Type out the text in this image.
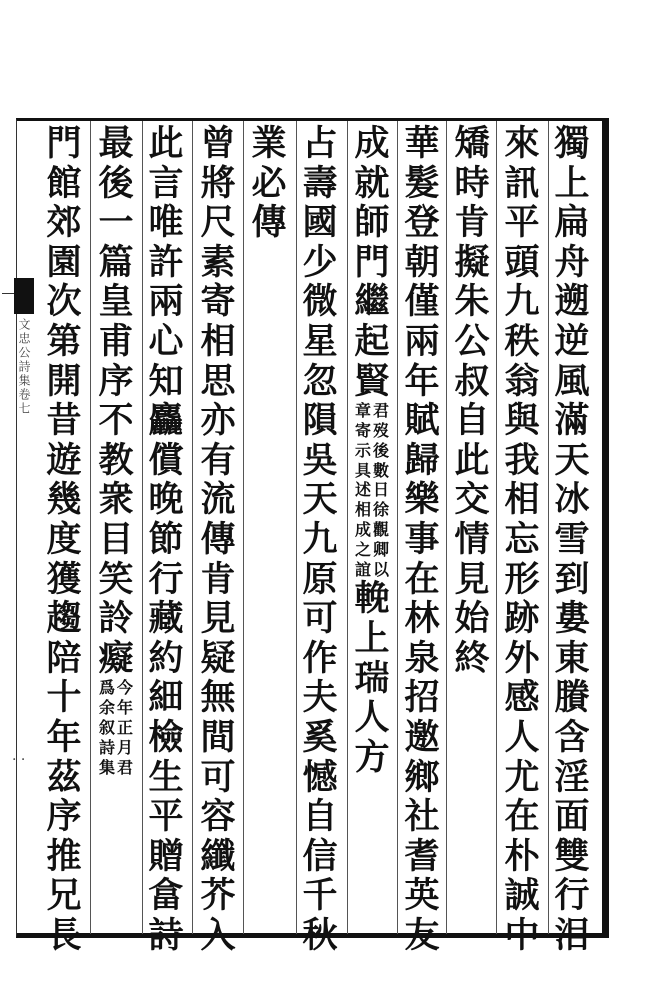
文忠公詩集卷七
· ·
獨
上
扁
舟
遡
逆
風
滿
天
冰
雪
到
婁
東
賸
含
淫
面
雙
行
泪
來
訊
平
頭
九
秩
翁
與
我
相
忘
形
跡
外
感
人
尤
在
朴
誠
中
矯
時
肯
擬
朱
公
叔
自
此
交
情
見
始
終
華
髮
登
朝
僅
兩
年
賦
歸
樂
事
在
林
泉
招
邀
鄉
社
耆
英
友
成
就
師
門
繼
起
賢
君
歿
後
數
日
徐
觀
卿
以
章
寄
示
具
述
相
成
之
誼
輓
上
瑞
人
方
占
壽
國
少
微
星
忽
隕
吳
天
九
原
可
作
夫
奚
憾
自
信
千
秋
業
必
傳
曾
將
尺
素
寄
相
思
亦
有
流
傳
肯
見
疑
無
間
可
容
纖
芥
入
此
言
唯
許
兩
心
知
麤
償
晚
節
行
藏
約
細
檢
生
平
贈
畣
詩
最
後
一
篇
皇
甫
序
不
教
衆
目
笑
詅
癡
今
年
正
月
君
爲
余
叙
詩
集
門
館
郊
園
次
第
開
昔
遊
幾
度
獲
趨
陪
十
年
茲
序
推
兄
長
